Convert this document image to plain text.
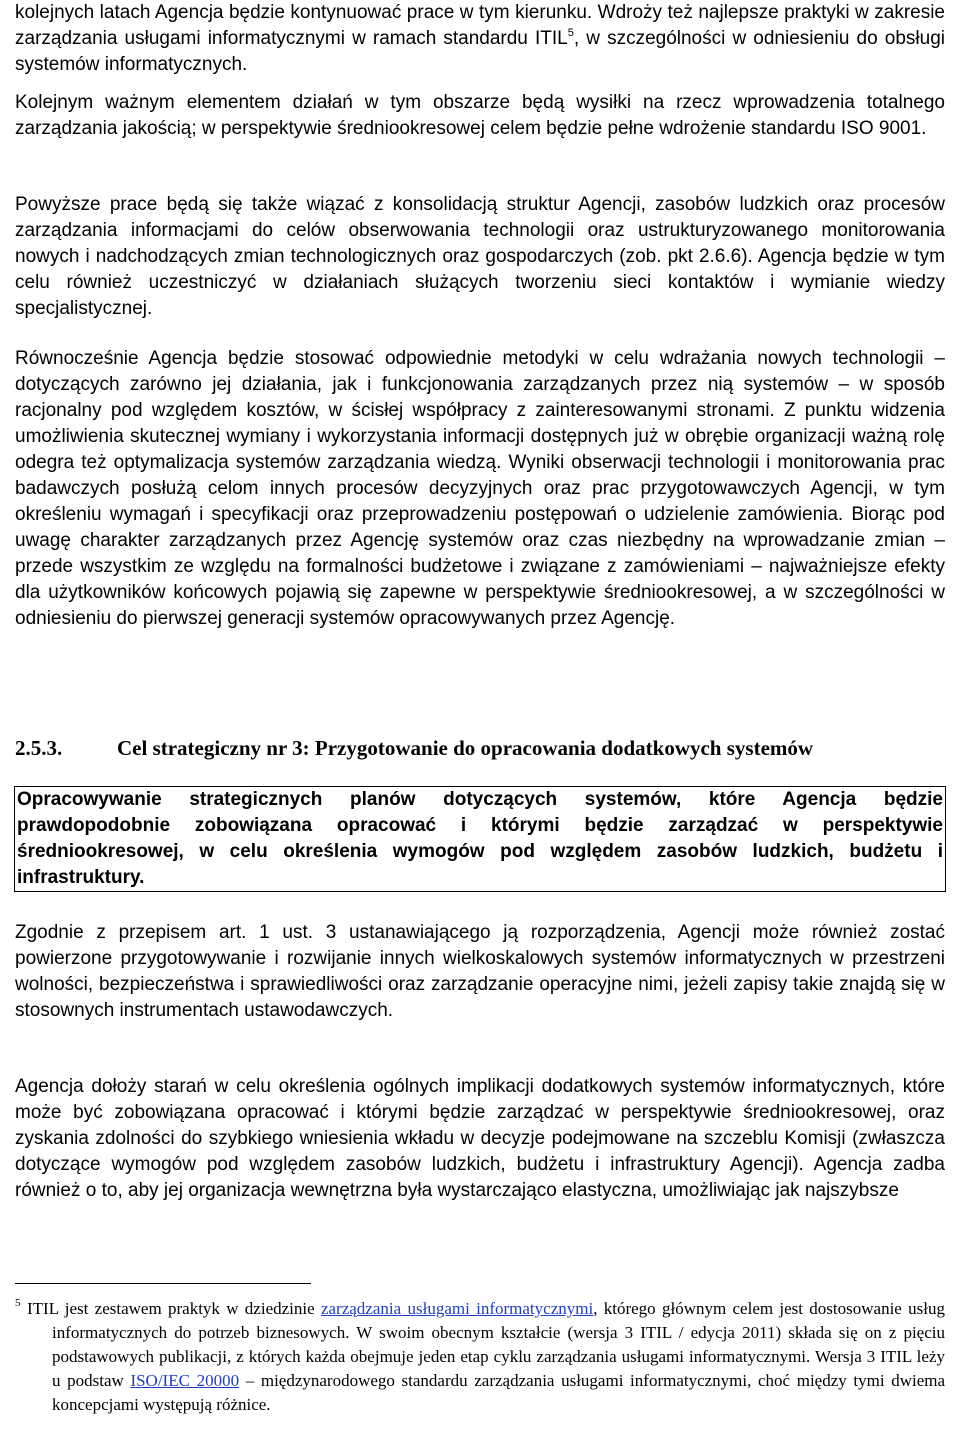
kolejnych latach Agencja będzie kontynuować prace w tym kierunku. Wdroży też najlepsze praktyki w zakresie zarządzania usługami informatycznymi w ramach standardu ITIL$^5$, w szczególności w odniesieniu do obsługi systemów informatycznych.

Kolejnym ważnym elementem działań w tym obszarze będą wysiłki na rzecz wprowadzenia totalnego zarządzania jakością; w perspektywie średniookresowej celem będzie pełne wdrożenie standardu ISO 9001.

Powyższe prace będą się także wiązać z konsolidacją struktur Agencji, zasobów ludzkich oraz procesów zarządzania informacjami do celów obserwowania technologii oraz ustrukturyzowanego monitorowania nowych i nadchodzących zmian technologicznych oraz gospodarczych (zob. pkt 2.6.6). Agencja będzie w tym celu również uczestniczyć w działaniach służących tworzeniu sieci kontaktów i wymianie wiedzy specjalistycznej.

Równocześnie Agencja będzie stosować odpowiednie metodyki w celu wdrażania nowych technologii – dotyczących zarówno jej działania, jak i funkcjonowania zarządzanych przez nią systemów – w sposób racjonalny pod względem kosztów, w ścisłej współpracy z zainteresowanymi stronami. Z punktu widzenia umożliwienia skutecznej wymiany i wykorzystania informacji dostępnych już w obrębie organizacji ważną rolę odegra też optymalizacja systemów zarządzania wiedzą. Wyniki obserwacji technologii i monitorowania prac badawczych posłużą celom innych procesów decyzyjnych oraz prac przygotowawczych Agencji, w tym określeniu wymagań i specyfikacji oraz przeprowadzeniu postępowań o udzielenie zamówienia. Biorąc pod uwagę charakter zarządzanych przez Agencję systemów oraz czas niezbędny na wprowadzanie zmian – przede wszystkim ze względu na formalności budżetowe i związane z zamówieniami – najważniejsze efekty dla użytkowników końcowych pojawią się zapewne w perspektywie średniookresowej, a w szczególności w odniesieniu do pierwszej generacji systemów opracowywanych przez Agencję.

2.5.3.	Cel strategiczny nr 3: Przygotowanie do opracowania dodatkowych systemów
Opracowywanie strategicznych planów dotyczących systemów, które Agencja będzie prawdopodobnie zobowiązana opracować i którymi będzie zarządzać w perspektywie średniookresowej, w celu określenia wymogów pod względem zasobów ludzkich, budżetu i infrastruktury.

Zgodnie z przepisem art. 1 ust. 3 ustanawiającego ją rozporządzenia, Agencji może również zostać powierzone przygotowywanie i rozwijanie innych wielkoskalowych systemów informatycznych w przestrzeni wolności, bezpieczeństwa i sprawiedliwości oraz zarządzanie operacyjne nimi, jeżeli zapisy takie znajdą się w stosownych instrumentach ustawodawczych.

Agencja dołoży starań w celu określenia ogólnych implikacji dodatkowych systemów informatycznych, które może być zobowiązana opracować i którymi będzie zarządzać w perspektywie średniookresowej, oraz zyskania zdolności do szybkiego wniesienia wkładu w decyzje podejmowane na szczeblu Komisji (zwłaszcza dotyczące wymogów pod względem zasobów ludzkich, budżetu i infrastruktury Agencji). Agencja zadba również o to, aby jej organizacja wewnętrzna była wystarczająco elastyczna, umożliwiając jak najszybsze

5 ITIL jest zestawem praktyk w dziedzinie zarządzania usługami informatycznymi, którego głównym celem jest dostosowanie usług informatycznych do potrzeb biznesowych. W swoim obecnym kształcie (wersja 3 ITIL / edycja 2011) składa się on z pięciu podstawowych publikacji, z których każda obejmuje jeden etap cyklu zarządzania usługami informatycznymi. Wersja 3 ITIL leży u podstaw ISO/IEC 20000 – międzynarodowego standardu zarządzania usługami informatycznymi, choć między tymi dwiema koncepcjami występują różnice.
